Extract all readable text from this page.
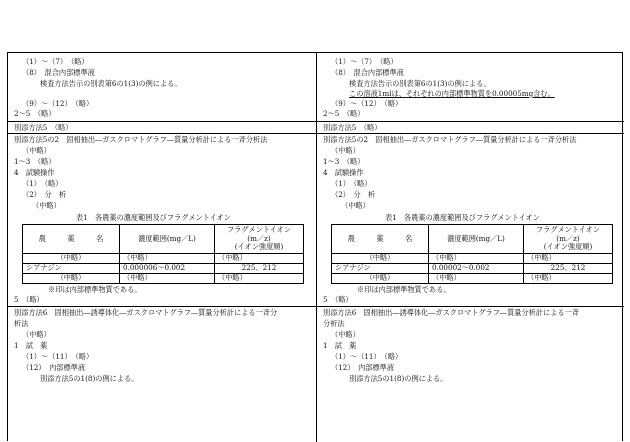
（1）～（7）　（略）
（8）　混合内部標準液
検査方法告示の別表第6の1(3)の例による。
（9）～（12）　（略）
2～5　（略）
別添方法5　（略）
別添方法5の2　固相抽出―ガスクロマトグラフ―質量分析計による一斉分析法
（中略）
1～3　（略）
4　試験操作
（1）　（略）
（2）　分　析
（中略）
表1　各農薬の濃度範囲及びフラグメントイオン
農　　　薬　　　名	濃度範囲(mg／L)	フラグメントイオン
(m／z)
(イオン強度順)

（中略）	（中略）	（中略）
シアナジン	0.000006～0.002	225、212
（中略）	（中略）	（中略）
※印は内部標準物質である。
5　（略）
別添方法6　固相抽出―誘導体化―ガスクロマトグラフ―質量分析計による一斉分
析法
（中略）
1　試　薬
（1）～（11）　（略）
（12）　内部標準液
別添方法5の1(8)の例による。
（1）～（7）　（略）
（8）　混合内部標準液
検査方法告示の別表第6の1(3)の例による。
この溶液1mlは、それぞれの内部標準物質を0.00005mg含む。
（9）～（12）　（略）
2～5　（略）
別添方法5　（略）
別添方法5の2　固相抽出―ガスクロマトグラフ―質量分析計による一斉分析法
（中略）
1～3　（略）
4　試験操作
（1）　（略）
（2）　分　析
（中略）
表1　各農薬の濃度範囲及びフラグメントイオン
農　　　薬　　　名	濃度範囲(mg／L)	フラグメントイオン
(m／z)
(イオン強度順)

（中略）	（中略）	（中略）
シアナジン	0.00002～0.002	225、212
（中略）	（中略）	（中略）
※印は内部標準物質である。
5　（略）
別添方法6　固相抽出―誘導体化―ガスクロマトグラフ―質量分析計による一斉
分析法
（中略）
1　試　薬
（1）～（11）　（略）
（12）　内部標準液
別添方法5の1(8)の例による。
